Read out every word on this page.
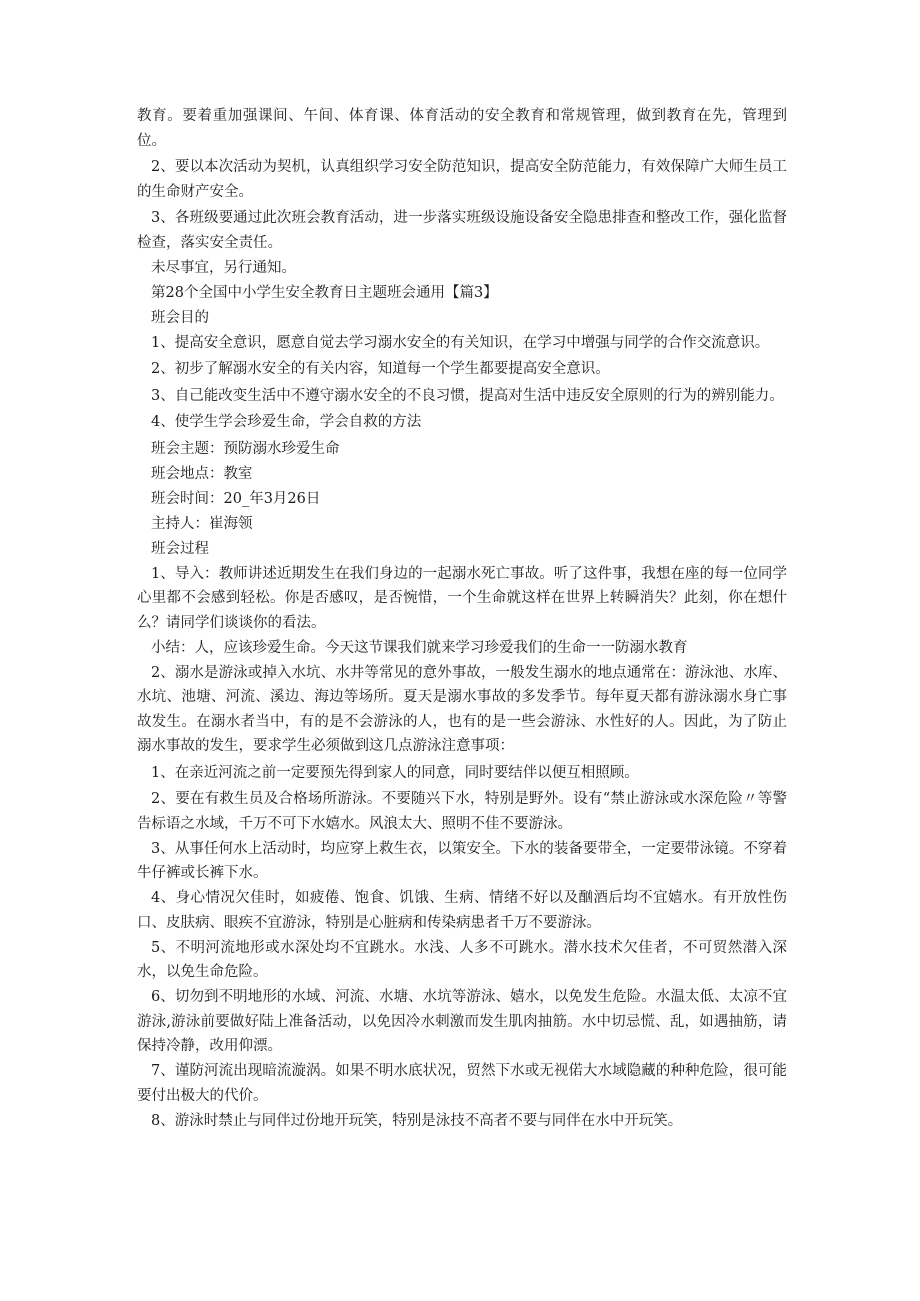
教育。要着重加强课间、午间、体育课、体育活动的安全教育和常规管理，做到教育在先，管理到位。

2、要以本次活动为契机，认真组织学习安全防范知识，提高安全防范能力，有效保障广大师生员工的生命财产安全。

3、各班级要通过此次班会教育活动，进一步落实班级设施设备安全隐患排查和整改工作，强化监督检查，落实安全责任。

未尽事宜，另行通知。

第28个全国中小学生安全教育日主题班会通用【篇3】

班会目的

1、提高安全意识，愿意自觉去学习溺水安全的有关知识，在学习中增强与同学的合作交流意识。

2、初步了解溺水安全的有关内容，知道每一个学生都要提高安全意识。

3、自己能改变生活中不遵守溺水安全的不良习惯，提高对生活中违反安全原则的行为的辨别能力。

4、使学生学会珍爱生命，学会自救的方法

班会主题：预防溺水珍爱生命

班会地点：教室

班会时间：20_年3月26日

主持人：崔海领

班会过程

1、导入：教师讲述近期发生在我们身边的一起溺水死亡事故。听了这件事，我想在座的每一位同学心里都不会感到轻松。你是否感叹，是否惋惜，一个生命就这样在世界上转瞬消失？此刻，你在想什么？请同学们谈谈你的看法。

小结：人，应该珍爱生命。今天这节课我们就来学习珍爱我们的生命一一防溺水教育

2、溺水是游泳或掉入水坑、水井等常见的意外事故，一般发生溺水的地点通常在：游泳池、水库、水坑、池塘、河流、溪边、海边等场所。夏天是溺水事故的多发季节。每年夏天都有游泳溺水身亡事故发生。在溺水者当中，有的是不会游泳的人，也有的是一些会游泳、水性好的人。因此，为了防止溺水事故的发生，要求学生必须做到这几点游泳注意事项：

1、在亲近河流之前一定要预先得到家人的同意，同时要结伴以便互相照顾。

2、要在有救生员及合格场所游泳。不要随兴下水，特别是野外。设有“禁止游泳或水深危险〃等警告标语之水域，千万不可下水嬉水。风浪太大、照明不佳不要游泳。

3、从事任何水上活动时，均应穿上救生衣，以策安全。下水的装备要带全，一定要带泳镜。不穿着牛仔裤或长裤下水。

4、身心情况欠佳时，如疲倦、饱食、饥饿、生病、情绪不好以及酗酒后均不宜嬉水。有开放性伤口、皮肤病、眼疾不宜游泳，特别是心脏病和传染病患者千万不要游泳。

5、不明河流地形或水深处均不宜跳水。水浅、人多不可跳水。潜水技术欠佳者，不可贸然潜入深水，以免生命危险。

6、切勿到不明地形的水域、河流、水塘、水坑等游泳、嬉水，以免发生危险。水温太低、太凉不宜游泳,游泳前要做好陆上准备活动，以免因冷水刺激而发生肌肉抽筋。水中切忌慌、乱，如遇抽筋，请保持冷静，改用仰漂。

7、谨防河流出现暗流漩涡。如果不明水底状况，贸然下水或无视偌大水域隐藏的种种危险，很可能要付出极大的代价。

8、游泳时禁止与同伴过份地开玩笑，特别是泳技不高者不要与同伴在水中开玩笑。
